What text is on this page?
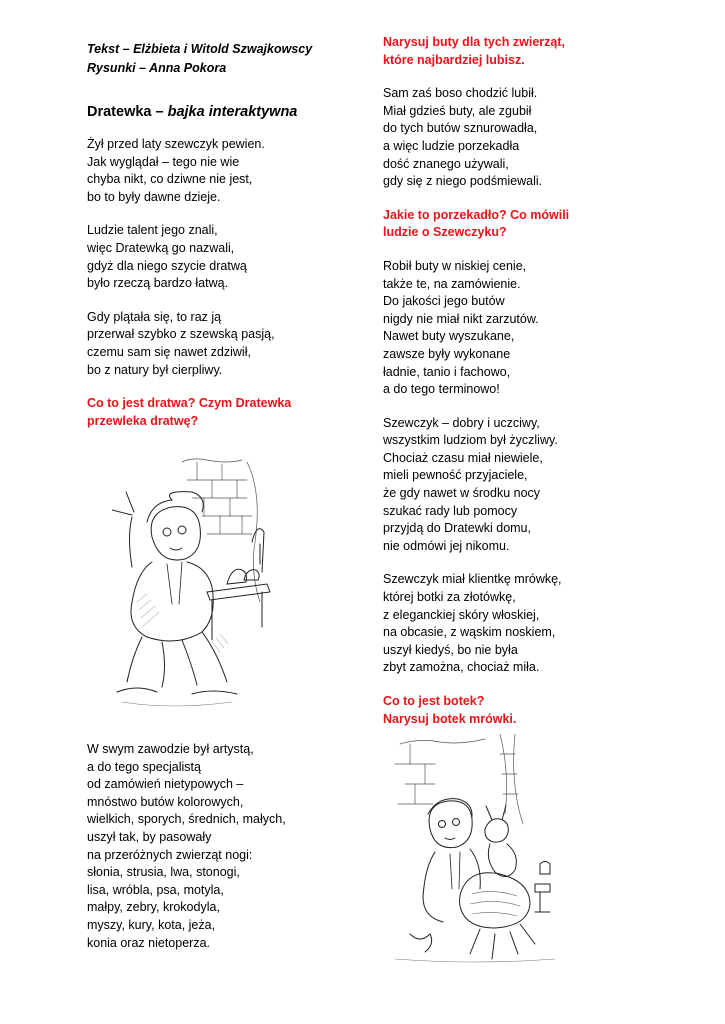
Tekst – Elżbieta i Witold Szwajkowscy
Rysunki – Anna Pokora
Dratewka – bajka interaktywna
Żył przed laty szewczyk pewien.
Jak wyglądał – tego nie wie
chyba nikt, co dziwne nie jest,
bo to były dawne dzieje.
Ludzie talent jego znali,
więc Dratewką go nazwali,
gdyż dla niego szycie dratwą
było rzeczą bardzo łatwą.
Gdy plątała się, to raz ją
przerwał szybko z szewską pasją,
czemu sam się nawet zdziwił,
bo z natury był cierpliwy.
Co to jest dratwa? Czym Dratewka
przewleka dratwę?
W swym zawodzie był artystą,
a do tego specjalistą
od zamówień nietypowych –
mnóstwo butów kolorowych,
wielkich, sporych, średnich, małych,
uszył tak, by pasowały
na przeróżnych zwierząt nogi:
słonia, strusia, lwa, stonogi,
lisa, wróbla, psa, motyla,
małpy, zebry, krokodyla,
myszy, kury, kota, jeża,
konia oraz nietoperza.
Narysuj buty dla tych zwierząt,
które najbardziej lubisz.
Sam zaś boso chodzić lubił.
Miał gdzieś buty, ale zgubił
do tych butów sznurowadła,
a więc ludzie porzekadła
dość znanego używali,
gdy się z niego podśmiewali.
Jakie to porzekadło? Co mówili
ludzie o Szewczyku?
Robił buty w niskiej cenie,
także te, na zamówienie.
Do jakości jego butów
nigdy nie miał nikt zarzutów.
Nawet buty wyszukane,
zawsze były wykonane
ładnie, tanio i fachowo,
a do tego terminowo!
Szewczyk – dobry i uczciwy,
wszystkim ludziom był życzliwy.
Chociaż czasu miał niewiele,
mieli pewność przyjaciele,
że gdy nawet w środku nocy
szukać rady lub pomocy
przyjdą do Dratewki domu,
nie odmówi jej nikomu.
Szewczyk miał klientkę mrówkę,
której botki za złotówkę,
z eleganckiej skóry włoskiej,
na obcasie, z wąskim noskiem,
uszył kiedyś, bo nie była
zbyt zamożna, chociaż miła.
Co to jest botek?
Narysuj botek mrówki.
